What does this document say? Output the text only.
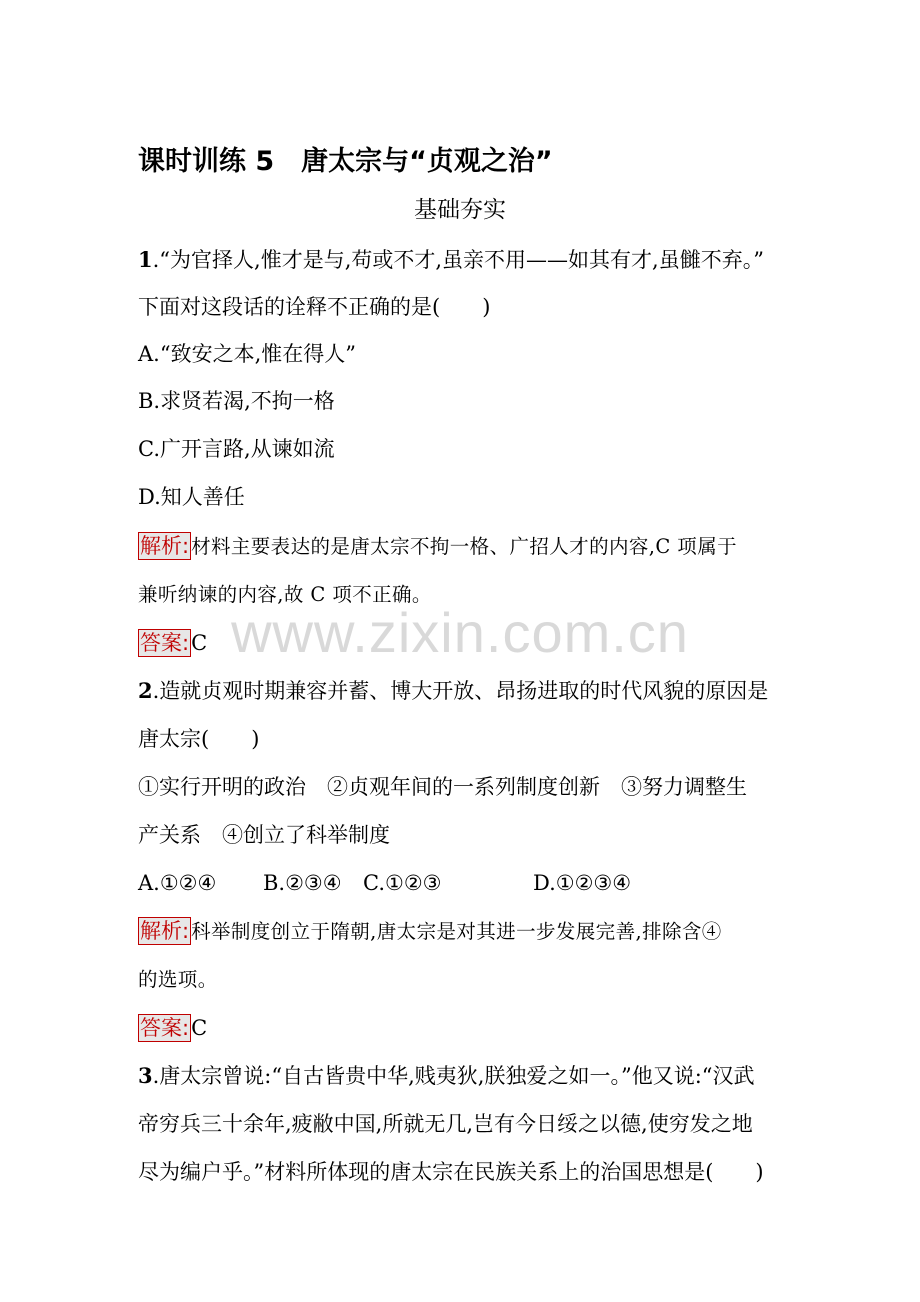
课时训练 5　唐太宗与“贞观之治”
基础夯实
1.“为官择人,惟才是与,苟或不才,虽亲不用——如其有才,虽雠不弃。”
下面对这段话的诠释不正确的是(　　)
A.“致安之本,惟在得人”
B.求贤若渴,不拘一格
C.广开言路,从谏如流
D.知人善任
解析: 材料主要表达的是唐太宗不拘一格、广招人才的内容,C 项属于
兼听纳谏的内容,故 C 项不正确。
答案:C
2.造就贞观时期兼容并蓄、博大开放、昂扬进取的时代风貌的原因是
唐太宗(　　)
①实行开明的政治　②贞观年间的一系列制度创新　③努力调整生
产关系　④创立了科举制度
A.①②④ B.②③④ C.①②③	D.①②③④
解析: 科举制度创立于隋朝,唐太宗是对其进一步发展完善,排除含④
的选项。
答案:C
3.唐太宗曾说:“自古皆贵中华,贱夷狄,朕独爱之如一。”他又说:“汉武
帝穷兵三十余年,疲敝中国,所就无几,岂有今日绥之以德,使穷发之地
尽为编户乎。”材料所体现的唐太宗在民族关系上的治国思想是(　　)
www.zixin.com.cn
